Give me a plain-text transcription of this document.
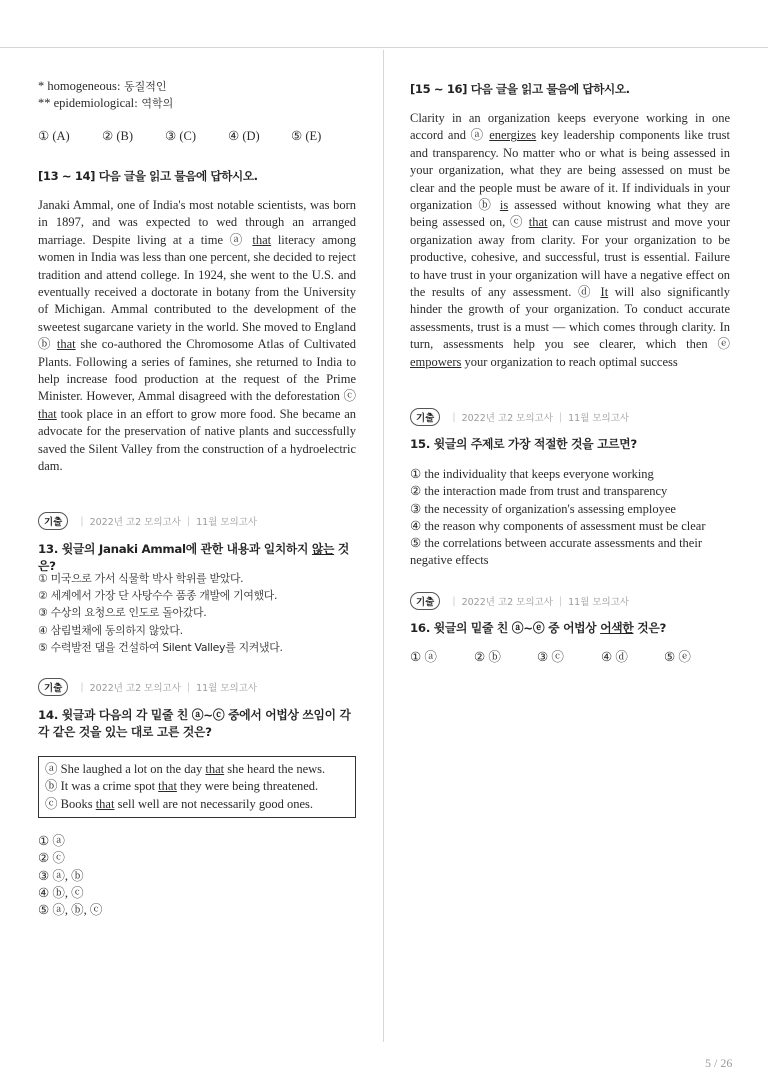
* homogeneous: 동질적인
** epidemiological: 역학의
① (A)	② (B)	③ (C)	④ (D)	⑤ (E)
[13 ~ 14] 다음 글을 읽고 물음에 답하시오.
Janaki Ammal, one of India's most notable scientists, was born in 1897, and was expected to wed through an arranged marriage. Despite living at a time ⓐ that literacy among women in India was less than one percent, she decided to reject tradition and attend college. In 1924, she went to the U.S. and eventually received a doctorate in botany from the University of Michigan. Ammal contributed to the development of the sweetest sugarcane variety in the world. She moved to England ⓑ that she co-authored the Chromosome Atlas of Cultivated Plants. Following a series of famines, she returned to India to help increase food production at the request of the Prime Minister. However, Ammal disagreed with the deforestation ⓒ that took place in an effort to grow more food. She became an advocate for the preservation of native plants and successfully saved the Silent Valley from the construction of a hydroelectric dam.
기출	| 2022년 고2 모의고사 | 11월 모의고사
13. 윗글의 Janaki Ammal에 관한 내용과 일치하지 않는 것은?
① 미국으로 가서 식물학 박사 학위를 받았다.
② 세계에서 가장 단 사탕수수 품종 개발에 기여했다.
③ 수상의 요청으로 인도로 돌아갔다.
④ 삼림벌채에 동의하지 않았다.
⑤ 수력발전 댐을 건설하여 Silent Valley를 지켜냈다.
기출	| 2022년 고2 모의고사 | 11월 모의고사
14. 윗글과 다음의 각 밑줄 친 ⓐ~ⓒ 중에서 어법상 쓰임이 각
각 같은 것을 있는 대로 고른 것은?
ⓐ She laughed a lot on the day that she heard the news.
ⓑ It was a crime spot that they were being threatened.
ⓒ Books that sell well are not necessarily good ones.
① ⓐ
② ⓒ
③ ⓐ, ⓑ
④ ⓑ, ⓒ
⑤ ⓐ, ⓑ, ⓒ
[15 ~ 16] 다음 글을 읽고 물음에 답하시오.
Clarity in an organization keeps everyone working in one accord and ⓐ energizes key leadership components like trust and transparency. No matter who or what is being assessed in your organization, what they are being assessed on must be clear and the people must be aware of it. If individuals in your organization ⓑ is assessed without knowing what they are being assessed on, ⓒ that can cause mistrust and move your organization away from clarity. For your organization to be productive, cohesive, and successful, trust is essential. Failure to have trust in your organization will have a negative effect on the results of any assessment. ⓓ It will also significantly hinder the growth of your organization. To conduct accurate assessments, trust is a must — which comes through clarity. In turn, assessments help you see clearer, which then ⓔ empowers your organization to reach optimal success
기출	| 2022년 고2 모의고사 | 11월 모의고사
15. 윗글의 주제로 가장 적절한 것을 고르면?
① the individuality that keeps everyone working
② the interaction made from trust and transparency
③ the necessity of organization's assessing employee
④ the reason why components of assessment must be clear
⑤ the correlations between accurate assessments and their negative effects
기출	| 2022년 고2 모의고사 | 11월 모의고사
16. 윗글의 밑줄 친 ⓐ~ⓔ 중 어법상 어색한 것은?
① ⓐ	② ⓑ	③ ⓒ	④ ⓓ	⑤ ⓔ
5 / 26
